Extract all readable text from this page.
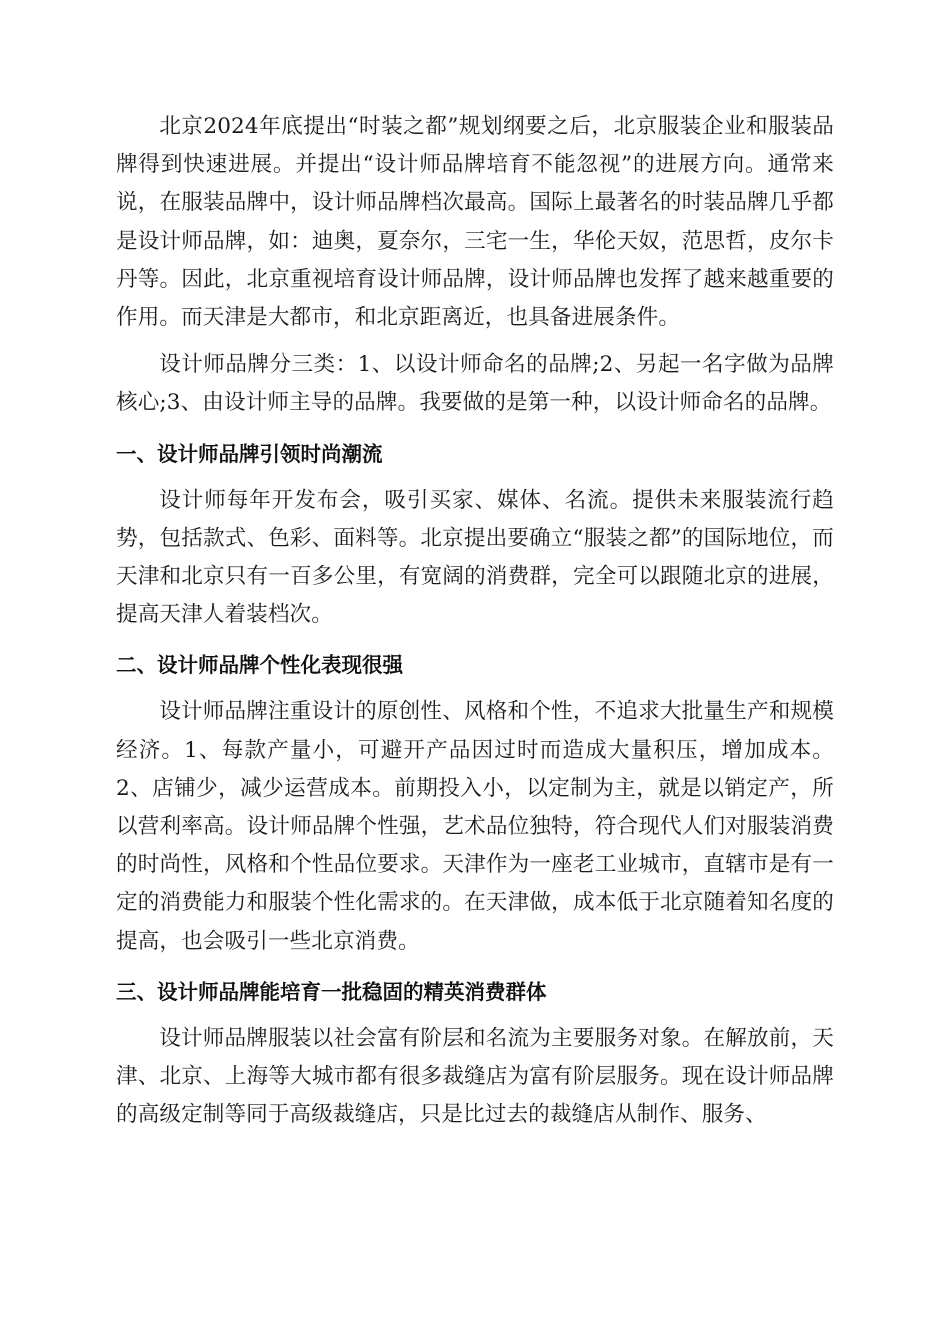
北京2024年底提出“时装之都”规划纲要之后，北京服装企业和服装品牌得到快速进展。并提出“设计师品牌培育不能忽视”的进展方向。通常来说，在服装品牌中，设计师品牌档次最高。国际上最著名的时装品牌几乎都是设计师品牌，如：迪奥，夏奈尔，三宅一生，华伦天奴，范思哲，皮尔卡丹等。因此，北京重视培育设计师品牌，设计师品牌也发挥了越来越重要的作用。而天津是大都市，和北京距离近，也具备进展条件。

设计师品牌分三类：1、以设计师命名的品牌;2、另起一名字做为品牌核心;3、由设计师主导的品牌。我要做的是第一种，以设计师命名的品牌。

一、设计师品牌引领时尚潮流

设计师每年开发布会，吸引买家、媒体、名流。提供未来服装流行趋势，包括款式、色彩、面料等。北京提出要确立“服装之都”的国际地位，而天津和北京只有一百多公里，有宽阔的消费群，完全可以跟随北京的进展，提高天津人着装档次。

二、设计师品牌个性化表现很强

设计师品牌注重设计的原创性、风格和个性，不追求大批量生产和规模经济。1、每款产量小，可避开产品因过时而造成大量积压，增加成本。2、店铺少，减少运营成本。前期投入小，以定制为主，就是以销定产，所以营利率高。设计师品牌个性强，艺术品位独特，符合现代人们对服装消费的时尚性，风格和个性品位要求。天津作为一座老工业城市，直辖市是有一定的消费能力和服装个性化需求的。在天津做，成本低于北京随着知名度的提高，也会吸引一些北京消费。

三、设计师品牌能培育一批稳固的精英消费群体

设计师品牌服装以社会富有阶层和名流为主要服务对象。在解放前，天津、北京、上海等大城市都有很多裁缝店为富有阶层服务。现在设计师品牌的高级定制等同于高级裁缝店，只是比过去的裁缝店从制作、服务、
